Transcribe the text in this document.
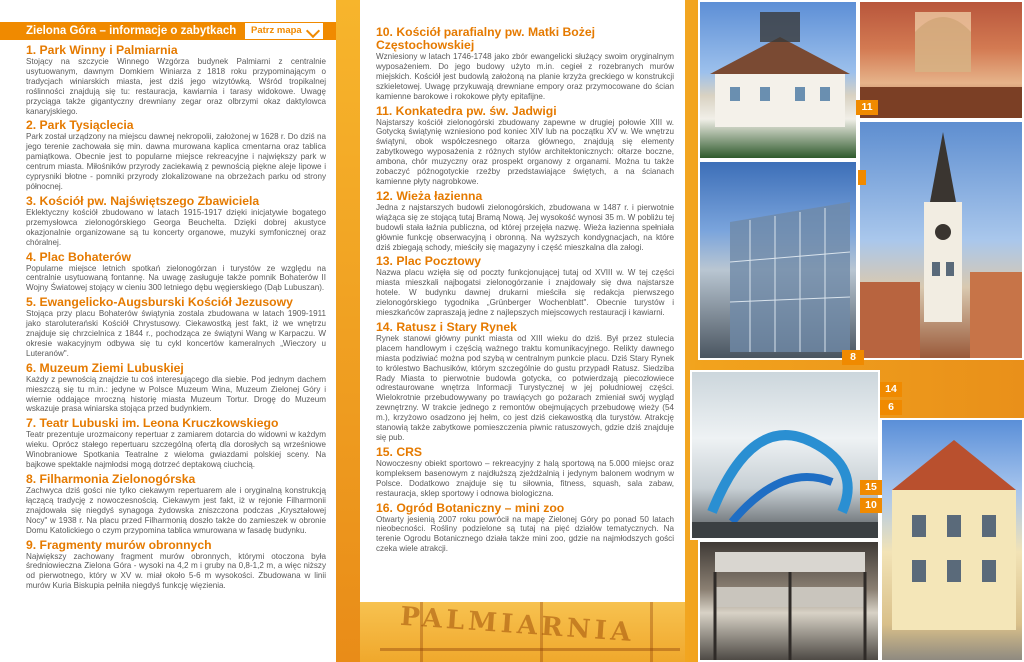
PALMIARNIA
Zielona Góra – informacje o zabytkach	Patrz mapa
1. Park Winny i Palmiarnia

Stojący na szczycie Winnego Wzgórza budynek Palmiarni z centralnie usytuowanym, dawnym Domkiem Winiarza z 1818 roku przypominającym o tradycjach winiarskich miasta, jest dziś jego wizytówką. Wśród tropikalnej roślinności znajdują się tu: restauracja, kawiarnia i tarasy widokowe. Uwagę przyciąga także gigantyczny drewniany zegar oraz olbrzymi okaz daktylowca kanaryjskiego.

2. Park Tysiąclecia

Park został urządzony na miejscu dawnej nekropolii, założonej w 1628 r. Do dziś na jego terenie zachowała się min. dawna murowana kaplica cmentarna oraz tablica pamiątkowa. Obecnie jest to popularne miejsce rekreacyjne i największy park w centrum miasta. Miłośników przyrody zaciekawią z pewnością piękne aleje lipowe i cyprysniki błotne - pomniki przyrody zlokalizowane na obrzeżach parku od strony północnej.

3. Kościół pw. Najświętszego Zbawiciela

Eklektyczny kościół zbudowano w latach 1915-1917 dzięki inicjatywie bogatego przemysłowca zielonogórskiego Georga Beuchelta. Dzięki dobrej akustyce okazjonalnie organizowane są tu koncerty organowe, muzyki symfonicznej oraz chóralnej.

4. Plac Bohaterów

Popularne miejsce letnich spotkań zielonogórzan i turystów ze względu na centralnie usytuowaną fontannę. Na uwagę zasługuje także pomnik Bohaterów II Wojny Światowej stojący w cieniu 300 letniego dębu węgierskiego (Dąb Lubuszan).

5. Ewangelicko-Augsburski Kościół Jezusowy

Stojąca przy placu Bohaterów świątynia zostala zbudowana w latach 1909-1911 jako staroluterański Kościół Chrystusowy. Ciekawostką jest fakt, iż we wnętrzu znajduje się chrzcielnica z 1844 r., pochodząca ze świątyni Wang w Karpaczu. W okresie wakacyjnym odbywa się tu cykl koncertów kameralnych „Wieczory u Luteranów".

6. Muzeum Ziemi Lubuskiej

Każdy z pewnością znajdzie tu coś interesującego dla siebie. Pod jednym dachem mieszczą się tu m.in.: jedyne w Polsce Muzeum Wina, Muzeum Zielonej Góry i wiernie oddające mroczną historię miasta Muzeum Tortur. Drogę do Muzeum wskazuje prasa winiarska stojąca przed budynkiem.

7. Teatr Lubuski im. Leona Kruczkowskiego

Teatr prezentuje urozmaicony repertuar z zamiarem dotarcia do widowni w każdym wieku. Oprócz stałego repertuaru szczególną ofertą dla dorosłych są wrześniowe Winobraniowe Spotkania Teatralne z wieloma gwiazdami polskiej sceny. Na bajkowe spektakle najmłodsi mogą dotrzeć deptakową ciuchcią.

8. Filharmonia Zielonogórska

Zachwyca dziś gości nie tylko ciekawym repertuarem ale i oryginalną konstrukcją łączącą tradycję z nowoczesnością. Ciekawym jest fakt, iż w rejonie Filharmonii znajdowała się niegdyś synagoga żydowska zniszczona podczas „Kryształowej Nocy" w 1938 r. Na placu przed Filharmonią doszło także do zamieszek w obronie Domu Katolickiego o czym przypomina tablica wmurowana w fasadę budynku.

9. Fragmenty murów obronnych

Największy zachowany fragment murów obronnych, którymi otoczona była średniowieczna Zielona Góra - wysoki na 4,2 m i gruby na 0,8-1,2 m, a więc niższy od pierwotnego, który w XV w. miał około 5-6 m wysokości. Zbudowana w linii murów Kuria Biskupia pełniła niegdyś funkcję więzienia.

10. Kościół parafialny pw. Matki Bożej Częstochowskiej

Wzniesiony w latach 1746-1748 jako zbór ewangelicki służący swoim oryginalnym wyposażeniem. Do jego budowy użyto m.in. cegieł z rozebranych murów miejskich. Kościół jest budowlą założoną na planie krzyża greckiego w konstrukcji szkieletowej. Uwagę przykuwają drewniane empory oraz przymocowane do ścian kamienne barokowe i rokokowe płyty epitafijne.

11. Konkatedra pw. św. Jadwigi

Najstarszy kościół zielonogórski zbudowany zapewne w drugiej połowie XIII w. Gotycką świątynię wzniesiono pod koniec XIV lub na początku XV w. We wnętrzu świątyni, obok współczesnego ołtarza głównego, znajdują się elementy zabytkowego wyposażenia z różnych stylów architektonicznych: ołtarze boczne, ambona, chór muzyczny oraz prospekt organowy z organami. Można tu także zobaczyć późnogotyckie rzeźby przedstawiające świętych, a na ścianach kamienne płyty nagrobkowe.

12. Wieża łazienna

Jedna z najstarszych budowli zielonogórskich, zbudowana w 1487 r. i pierwotnie wiążąca się ze stojącą tutaj Bramą Nową. Jej wysokość wynosi 35 m. W pobliżu tej budowli stała łaźnia publiczna, od której przejęła nazwę. Wieża łazienna spełniała głównie funkcję obserwacyjną i obronną. Na wyższych kondygnacjach, na które dziś zbiegają schody, mieściły się magazyny i część mieszkalna dla załogi.

13. Plac Pocztowy

Nazwa placu wzięła się od poczty funkcjonującej tutaj od XVIII w. W tej części miasta mieszkali najbogatsi zielonogórzanie i znajdowały się dwa najstarsze hotele. W budynku dawnej drukarni mieściła się redakcja pierwszego zielonogórskiego tygodnika „Grünberger Wochenblatt". Obecnie turystów i mieszkańców zapraszają jedne z najlepszych miejscowych restauracji i kawiarni.

14. Ratusz i Stary Rynek

Rynek stanowi główny punkt miasta od XIII wieku do dziś. Był przez stulecia placem handlowym i częścią ważnego traktu komunikacyjnego. Relikty dawnego miasta podziwiać można pod szybą w centralnym punkcie placu. Dziś Stary Rynek to królestwo Bachusików, którym szczególnie do gustu przypadł Ratusz. Siedziba Rady Miasta to pierwotnie budowla gotycka, co potwierdzają piecozłowiece odrestaurowane wnętrza Informacji Turystycznej w jej południowej części. Wielokrotnie przebudowywany po trawiących go pożarach zmieniał swój wygląd zewnętrzny. W trakcie jednego z remontów obejmujących przebudowę wieży (54 m.), krzyżowo osadzono jej hełm, co jest dziś ciekawostką dla turystów. Atrakcję stanowią także zabytkowe pomieszczenia piwnic ratuszowych, gdzie dziś znajduje się pub.

15. CRS

Nowoczesny obiekt sportowo – rekreacyjny z halą sportową na 5.000 miejsc oraz kompleksem basenowym z najdłuższą zjeżdżalnią i jedynym balonem wodnym w Polsce. Dodatkowo znajduje się tu siłownia, fitness, squash, sala zabaw, restauracja, sklep sportowy i odnowa biologiczna.

16. Ogród Botaniczny – mini zoo

Otwarty jesienią 2007 roku powrócił na mapę Zielonej Góry po ponad 50 latach nieobecności. Rośliny podzielone są tutaj na pięć działów tematycznych. Na terenie Ogrodu Botanicznego działa także mini zoo, gdzie na najmłodszych gości czeka wiele atrakcji.

11
8
14
6
15
10
